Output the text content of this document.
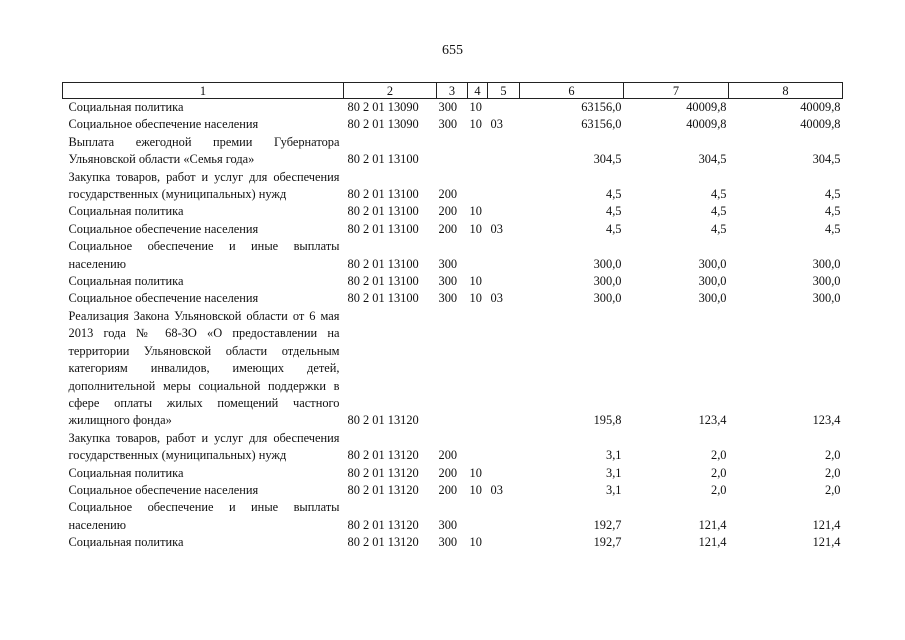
655
1	2	3	4	5	6	7	8
Социальная политика	80 2 01 13090	300	10		63156,0	40009,8	40009,8
Социальное обеспечение населения	80 2 01 13090	300	10	03	63156,0	40009,8	40009,8
Выплата ежегодной премии Губернатора Ульяновской области «Семья года»	80 2 01 13100				304,5	304,5	304,5
Закупка товаров, работ и услуг для обеспечения государственных (муниципальных) нужд	80 2 01 13100	200			4,5	4,5	4,5
Социальная политика	80 2 01 13100	200	10		4,5	4,5	4,5
Социальное обеспечение населения	80 2 01 13100	200	10	03	4,5	4,5	4,5
Социальное обеспечение и иные выплаты населению	80 2 01 13100	300			300,0	300,0	300,0
Социальная политика	80 2 01 13100	300	10		300,0	300,0	300,0
Социальное обеспечение населения	80 2 01 13100	300	10	03	300,0	300,0	300,0
Реализация Закона Ульяновской области от 6 мая 2013 года № 68-ЗО «О предоставлении на территории Ульяновской области отдельным категориям инвалидов, имеющих детей, дополнительной меры социальной поддержки в сфере оплаты жилых помещений частного жилищного фонда»	80 2 01 13120				195,8	123,4	123,4
Закупка товаров, работ и услуг для обеспечения государственных (муниципальных) нужд	80 2 01 13120	200			3,1	2,0	2,0
Социальная политика	80 2 01 13120	200	10		3,1	2,0	2,0
Социальное обеспечение населения	80 2 01 13120	200	10	03	3,1	2,0	2,0
Социальное обеспечение и иные выплаты населению	80 2 01 13120	300			192,7	121,4	121,4
Социальная политика	80 2 01 13120	300	10		192,7	121,4	121,4
